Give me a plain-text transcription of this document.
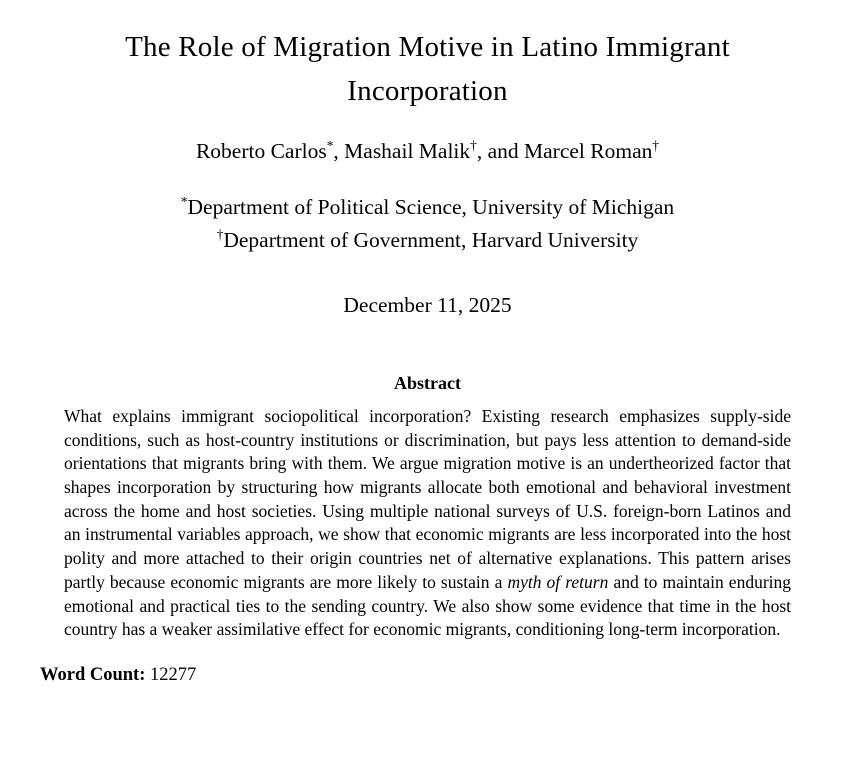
The Role of Migration Motive in Latino Immigrant Incorporation
Roberto Carlos*, Mashail Malik†, and Marcel Roman†
*Department of Political Science, University of Michigan
†Department of Government, Harvard University
December 11, 2025
Abstract

What explains immigrant sociopolitical incorporation? Existing research emphasizes supply-side conditions, such as host-country institutions or discrimination, but pays less attention to demand-side orientations that migrants bring with them. We argue migration motive is an undertheorized factor that shapes incorporation by structuring how migrants allocate both emotional and behavioral investment across the home and host societies. Using multiple national surveys of U.S. foreign-born Latinos and an instrumental variables approach, we show that economic migrants are less incorporated into the host polity and more attached to their origin countries net of alternative explanations. This pattern arises partly because economic migrants are more likely to sustain a myth of return and to maintain enduring emotional and practical ties to the sending country. We also show some evidence that time in the host country has a weaker assimilative effect for economic migrants, conditioning long-term incorporation.

Word Count: 12277
